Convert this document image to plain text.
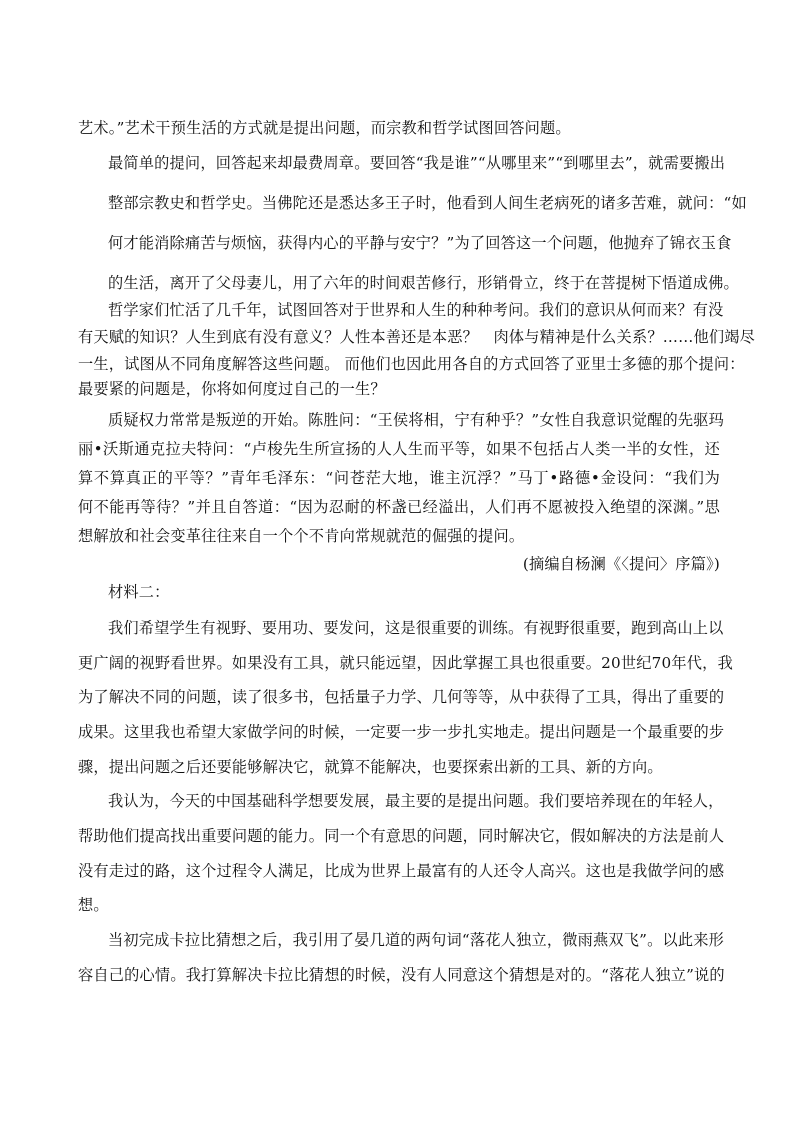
艺术。”艺术干预生活的方式就是提出问题，而宗教和哲学试图回答问题。
最简单的提问，回答起来却最费周章。要回答“我是谁”“从哪里来”“到哪里去”，就需要搬出
整部宗教史和哲学史。当佛陀还是悉达多王子时，他看到人间生老病死的诸多苦难，就问：“如
何才能消除痛苦与烦恼，获得内心的平静与安宁？”为了回答这一个问题，他抛弃了锦衣玉食
的生活，离开了父母妻儿，用了六年的时间艰苦修行，形销骨立，终于在菩提树下悟道成佛。
哲学家们忙活了几千年，试图回答对于世界和人生的种种考问。我们的意识从何而来？有没
有天赋的知识？人生到底有没有意义？人性本善还是本恶？　肉体与精神是什么关系？……他们竭尽
一生，试图从不同角度解答这些问题。 而他们也因此用各自的方式回答了亚里士多德的那个提问：
最要紧的问题是，你将如何度过自己的一生？
质疑权力常常是叛逆的开始。陈胜问：“王侯将相，宁有种乎？”女性自我意识觉醒的先驱玛
丽•沃斯通克拉夫特问：“卢梭先生所宣扬的人人生而平等，如果不包括占人类一半的女性，还
算不算真正的平等？”青年毛泽东：“问苍茫大地，谁主沉浮？”马丁•路德•金设问：“我们为
何不能再等待？”并且自答道：“因为忍耐的杯盏已经溢出，人们再不愿被投入绝望的深渊。”思
想解放和社会变革往往来自一个个不肯向常规就范的倔强的提问。
(摘编自杨澜《〈提问〉序篇》)
材料二：
我们希望学生有视野、要用功、要发问，这是很重要的训练。有视野很重要，跑到高山上以
更广阔的视野看世界。如果没有工具，就只能远望，因此掌握工具也很重要。20世纪70年代，我
为了解决不同的问题，读了很多书，包括量子力学、几何等等，从中获得了工具，得出了重要的
成果。这里我也希望大家做学问的时候，一定要一步一步扎实地走。提出问题是一个最重要的步
骤，提出问题之后还要能够解决它，就算不能解决，也要探索出新的工具、新的方向。
我认为，今天的中国基础科学想要发展，最主要的是提出问题。我们要培养现在的年轻人，
帮助他们提高找出重要问题的能力。同一个有意思的问题，同时解决它，假如解决的方法是前人
没有走过的路，这个过程令人满足，比成为世界上最富有的人还令人高兴。这也是我做学问的感
想。
当初完成卡拉比猜想之后，我引用了晏几道的两句词“落花人独立，微雨燕双飞”。以此来形
容自己的心情。我打算解决卡拉比猜想的时候，没有人同意这个猜想是对的。“落花人独立”说的
